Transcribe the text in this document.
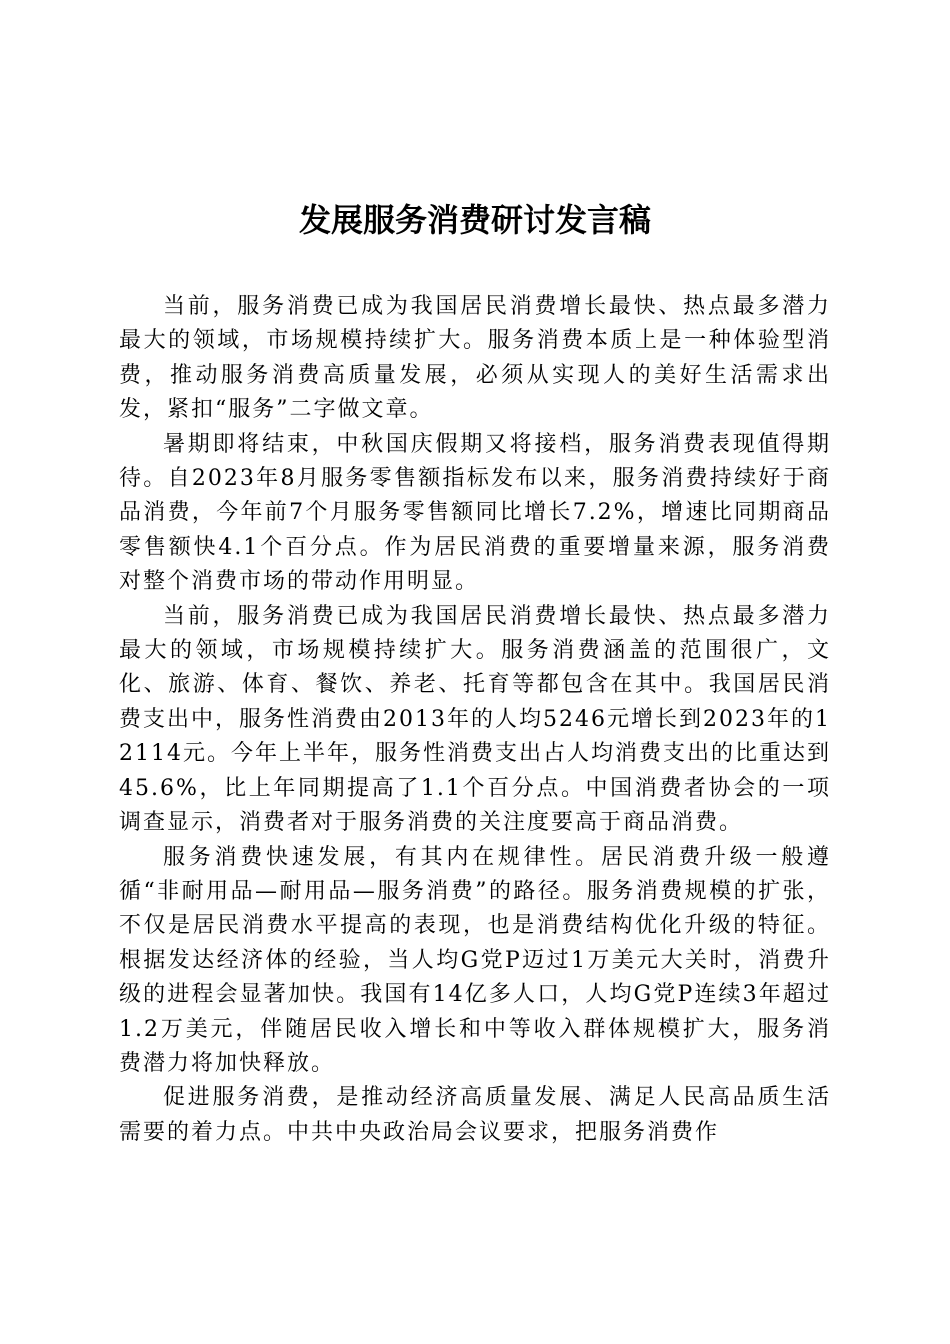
发展服务消费研讨发言稿

当前，服务消费已成为我国居民消费增长最快、热点最多潜力最大的领域，市场规模持续扩大。服务消费本质上是一种体验型消费，推动服务消费高质量发展，必须从实现人的美好生活需求出发，紧扣“服务”二字做文章。

暑期即将结束，中秋国庆假期又将接档，服务消费表现值得期待。自2023年8月服务零售额指标发布以来，服务消费持续好于商品消费，今年前7个月服务零售额同比增长7.2%，增速比同期商品零售额快4.1个百分点。作为居民消费的重要增量来源，服务消费对整个消费市场的带动作用明显。

当前，服务消费已成为我国居民消费增长最快、热点最多潜力最大的领域，市场规模持续扩大。服务消费涵盖的范围很广，文化、旅游、体育、餐饮、养老、托育等都包含在其中。我国居民消费支出中，服务性消费由2013年的人均5246元增长到2023年的12114元。今年上半年，服务性消费支出占人均消费支出的比重达到45.6%，比上年同期提高了1.1个百分点。中国消费者协会的一项调查显示，消费者对于服务消费的关注度要高于商品消费。

服务消费快速发展，有其内在规律性。居民消费升级一般遵循“非耐用品—耐用品—服务消费”的路径。服务消费规模的扩张，不仅是居民消费水平提高的表现，也是消费结构优化升级的特征。根据发达经济体的经验，当人均G党P迈过1万美元大关时，消费升级的进程会显著加快。我国有14亿多人口，人均G党P连续3年超过1.2万美元，伴随居民收入增长和中等收入群体规模扩大，服务消费潜力将加快释放。

促进服务消费，是推动经济高质量发展、满足人民高品质生活需要的着力点。中共中央政治局会议要求，把服务消费作
